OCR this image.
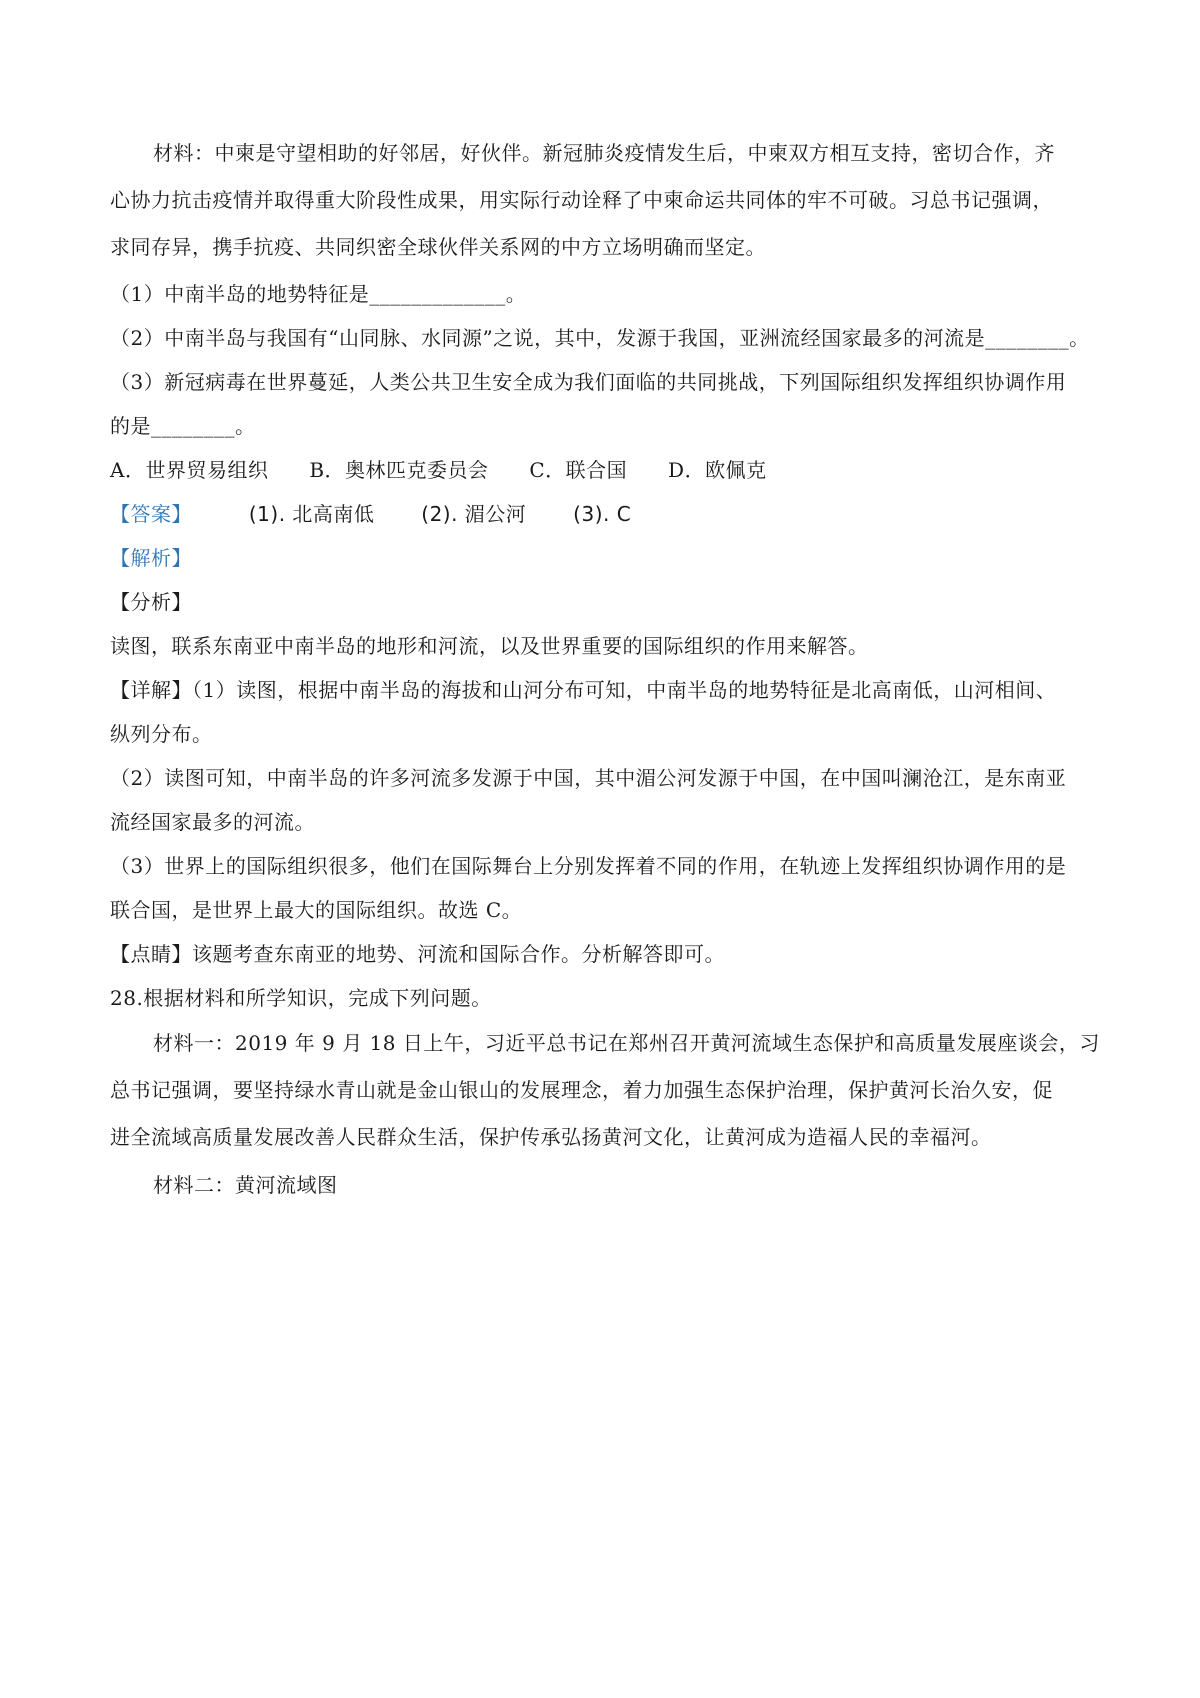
材料：中柬是守望相助的好邻居，好伙伴。新冠肺炎疫情发生后，中柬双方相互支持，密切合作，齐
心协力抗击疫情并取得重大阶段性成果，用实际行动诠释了中柬命运共同体的牢不可破。习总书记强调，
求同存异，携手抗疫、共同织密全球伙伴关系网的中方立场明确而坚定。
（1）中南半岛的地势特征是_____________。
（2）中南半岛与我国有“山同脉、水同源”之说，其中，发源于我国，亚洲流经国家最多的河流是________。
（3）新冠病毒在世界蔓延，人类公共卫生安全成为我们面临的共同挑战，下列国际组织发挥组织协调作用
的是________。
A．世界贸易组织 B．奥林匹克委员会 C．联合国 D．欧佩克
【答案】	(1). 北高南低 (2). 湄公河 (3). C
【解析】
【分析】
读图，联系东南亚中南半岛的地形和河流，以及世界重要的国际组织的作用来解答。
【详解】（1）读图，根据中南半岛的海拔和山河分布可知，中南半岛的地势特征是北高南低，山河相间、
纵列分布。
（2）读图可知，中南半岛的许多河流多发源于中国，其中湄公河发源于中国，在中国叫澜沧江，是东南亚
流经国家最多的河流。
（3）世界上的国际组织很多，他们在国际舞台上分别发挥着不同的作用，在轨迹上发挥组织协调作用的是
联合国，是世界上最大的国际组织。故选 C。
【点睛】该题考查东南亚的地势、河流和国际合作。分析解答即可。
28.根据材料和所学知识，完成下列问题。
材料一：2019 年 9 月 18 日上午，习近平总书记在郑州召开黄河流域生态保护和高质量发展座谈会，习
总书记强调，要坚持绿水青山就是金山银山的发展理念，着力加强生态保护治理，保护黄河长治久安，促
进全流域高质量发展改善人民群众生活，保护传承弘扬黄河文化，让黄河成为造福人民的幸福河。
材料二：黄河流域图
